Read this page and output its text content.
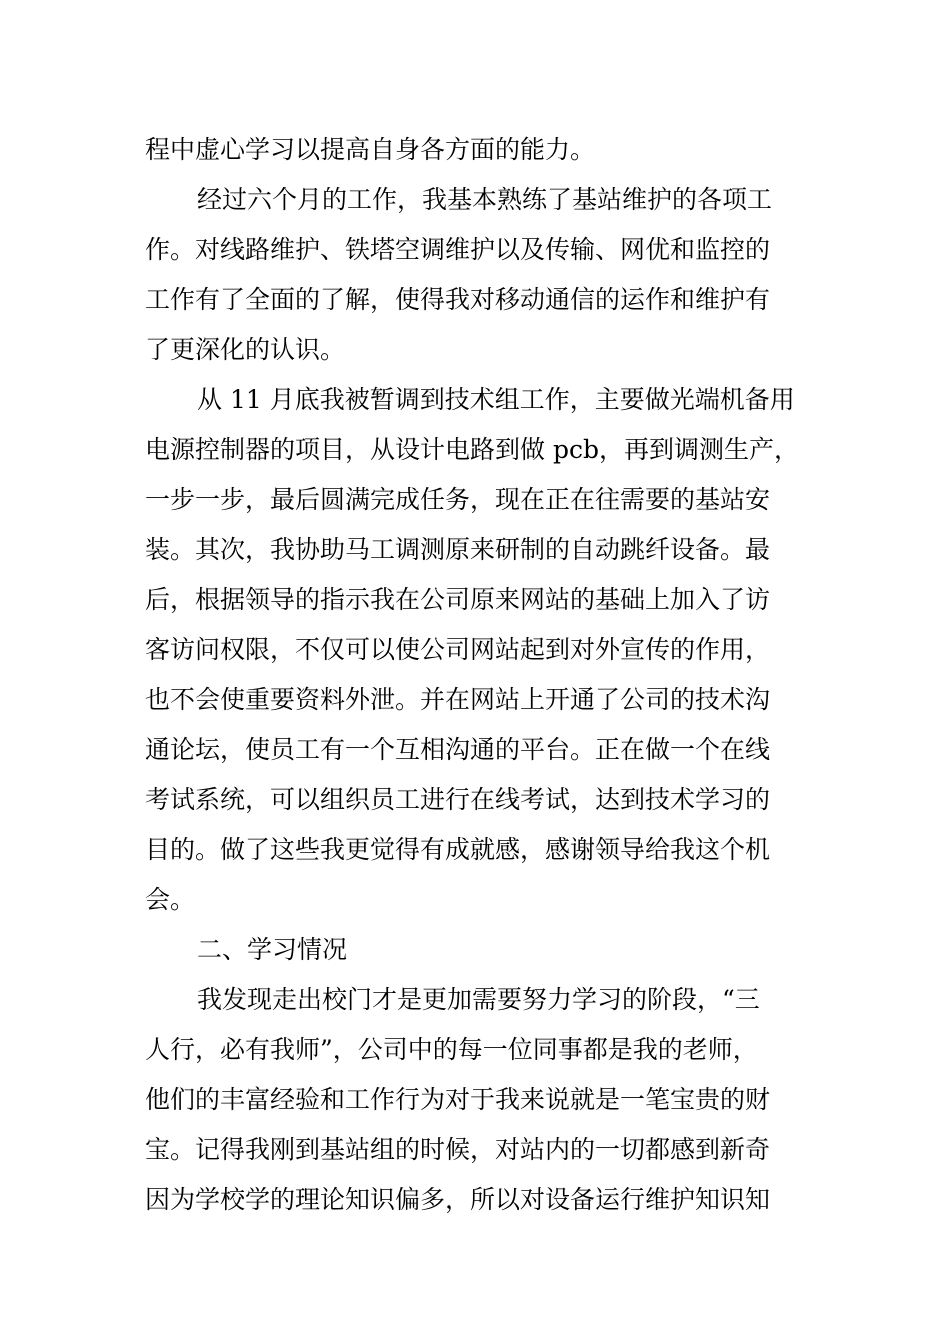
程中虚心学习以提高自身各方面的能力。
经过六个月的工作，我基本熟练了基站维护的各项工
作。对线路维护、铁塔空调维护以及传输、网优和监控的
工作有了全面的了解，使得我对移动通信的运作和维护有
了更深化的认识。
从 11 月底我被暂调到技术组工作，主要做光端机备用
电源控制器的项目，从设计电路到做 pcb，再到调测生产，
一步一步，最后圆满完成任务，现在正在往需要的基站安
装。其次，我协助马工调测原来研制的自动跳纤设备。最
后，根据领导的指示我在公司原来网站的基础上加入了访
客访问权限，不仅可以使公司网站起到对外宣传的作用，
也不会使重要资料外泄。并在网站上开通了公司的技术沟
通论坛，使员工有一个互相沟通的平台。正在做一个在线
考试系统，可以组织员工进行在线考试，达到技术学习的
目的。做了这些我更觉得有成就感，感谢领导给我这个机
会。
二、学习情况
我发现走出校门才是更加需要努力学习的阶段，“三
人行，必有我师”，公司中的每一位同事都是我的老师，
他们的丰富经验和工作行为对于我来说就是一笔宝贵的财
宝。记得我刚到基站组的时候，对站内的一切都感到新奇
因为学校学的理论知识偏多，所以对设备运行维护知识知
